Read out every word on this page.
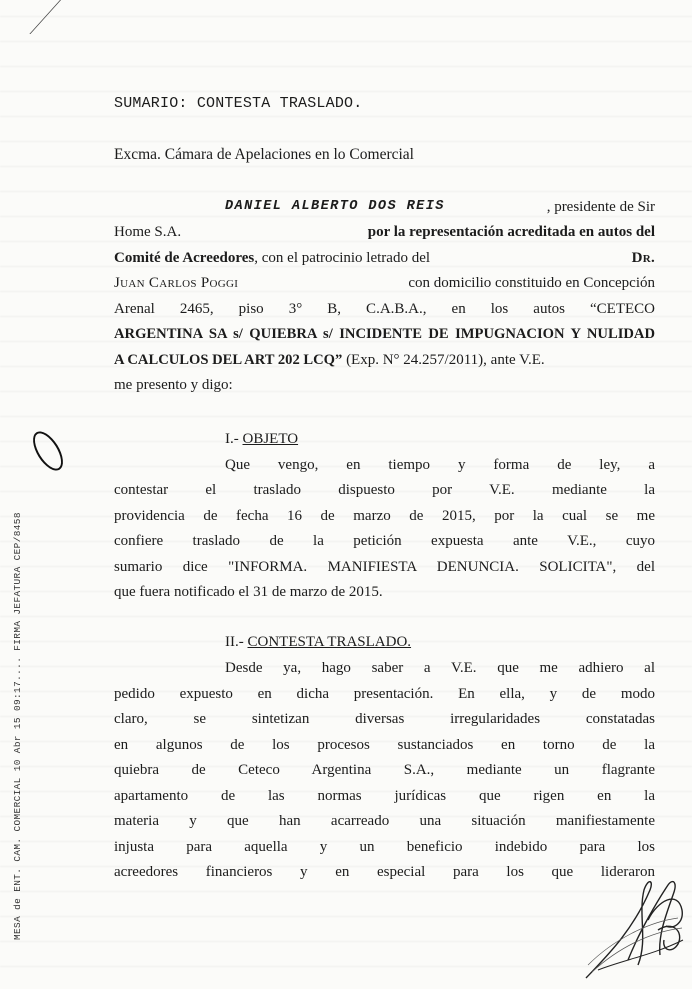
SUMARIO: CONTESTA TRASLADO.
Excma. Cámara de Apelaciones en lo Comercial
DANIEL ALBERTO DOS REIS	, presidente de Sir
Home S.A.	por la representación acreditada en autos del
Comité de Acreedores , con el patrocinio letrado del	Dr.
Juan Carlos Poggi	con domicilio constituido en Concepción
Arenal 2465, piso 3° B, C.A.B.A., en los autos “CETECO
ARGENTINA SA s/ QUIEBRA s/ INCIDENTE DE IMPUGNACION Y NULIDAD
A CALCULOS DEL ART 202 LCQ” (Exp. N° 24.257/2011), ante V.E.
me presento y digo:
I.- OBJETO
Que vengo, en tiempo y forma de ley, a
contestar el traslado dispuesto por V.E. mediante la
providencia de fecha 16 de marzo de 2015, por la cual se me
confiere traslado de la petición expuesta ante V.E., cuyo
sumario dice "INFORMA. MANIFIESTA DENUNCIA. SOLICITA", del
que fuera notificado el 31 de marzo de 2015.
II.- CONTESTA TRASLADO.
Desde ya, hago saber a V.E. que me adhiero al
pedido expuesto en dicha presentación. En ella, y de modo
claro, se sintetizan diversas irregularidades constatadas
en algunos de los procesos sustanciados en torno de la
quiebra de Ceteco Argentina S.A., mediante un flagrante
apartamento de las normas jurídicas que rigen en la
materia y que han acarreado una situación manifiestamente
injusta para aquella y un beneficio indebido para los
acreedores financieros y en especial para los que lideraron
MESA de ENT. CAM. COMERCIAL 10 Abr 15 09:17.... FIRMA JEFATURA CEP/8458
